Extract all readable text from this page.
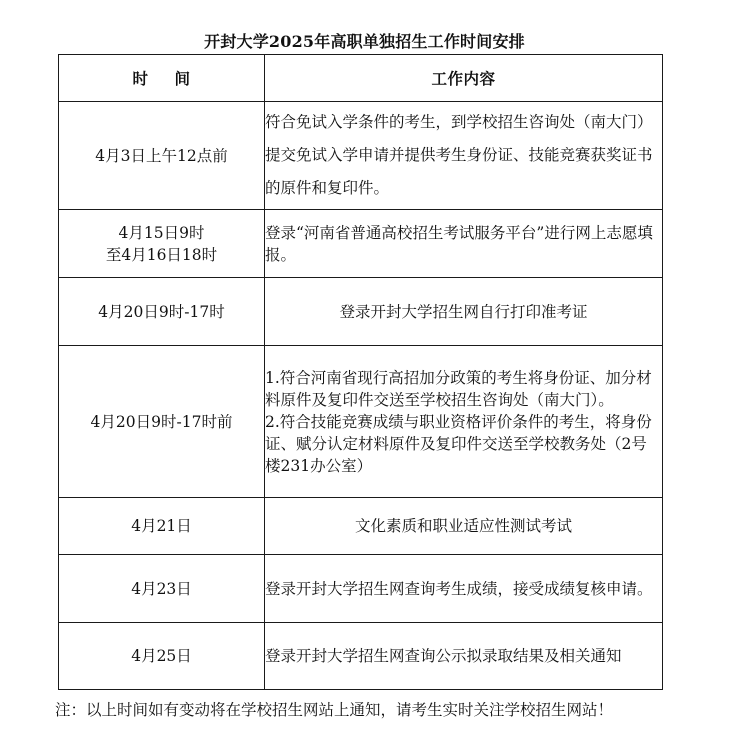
开封大学2025年高职单独招生工作时间安排
时 间	工作内容

4月3日上午12点前	符合免试入学条件的考生，到学校招生咨询处（南大门）提交免试入学申请并提供考生身份证、技能竞赛获奖证书的原件和复印件。

4月15日9时
至4月16日18时	登录“河南省普通高校招生考试服务平台”进行网上志愿填报。

4月20日9时-17时	登录开封大学招生网自行打印准考证

4月20日9时-17时前	1.符合河南省现行高招加分政策的考生将身份证、加分材料原件及复印件交送至学校招生咨询处（南大门）。
2.符合技能竞赛成绩与职业资格评价条件的考生，将身份证、赋分认定材料原件及复印件交送至学校教务处（2号楼231办公室）

4月21日	文化素质和职业适应性测试考试

4月23日	登录开封大学招生网查询考生成绩，接受成绩复核申请。

4月25日	登录开封大学招生网查询公示拟录取结果及相关通知
注：以上时间如有变动将在学校招生网站上通知，请考生实时关注学校招生网站！
